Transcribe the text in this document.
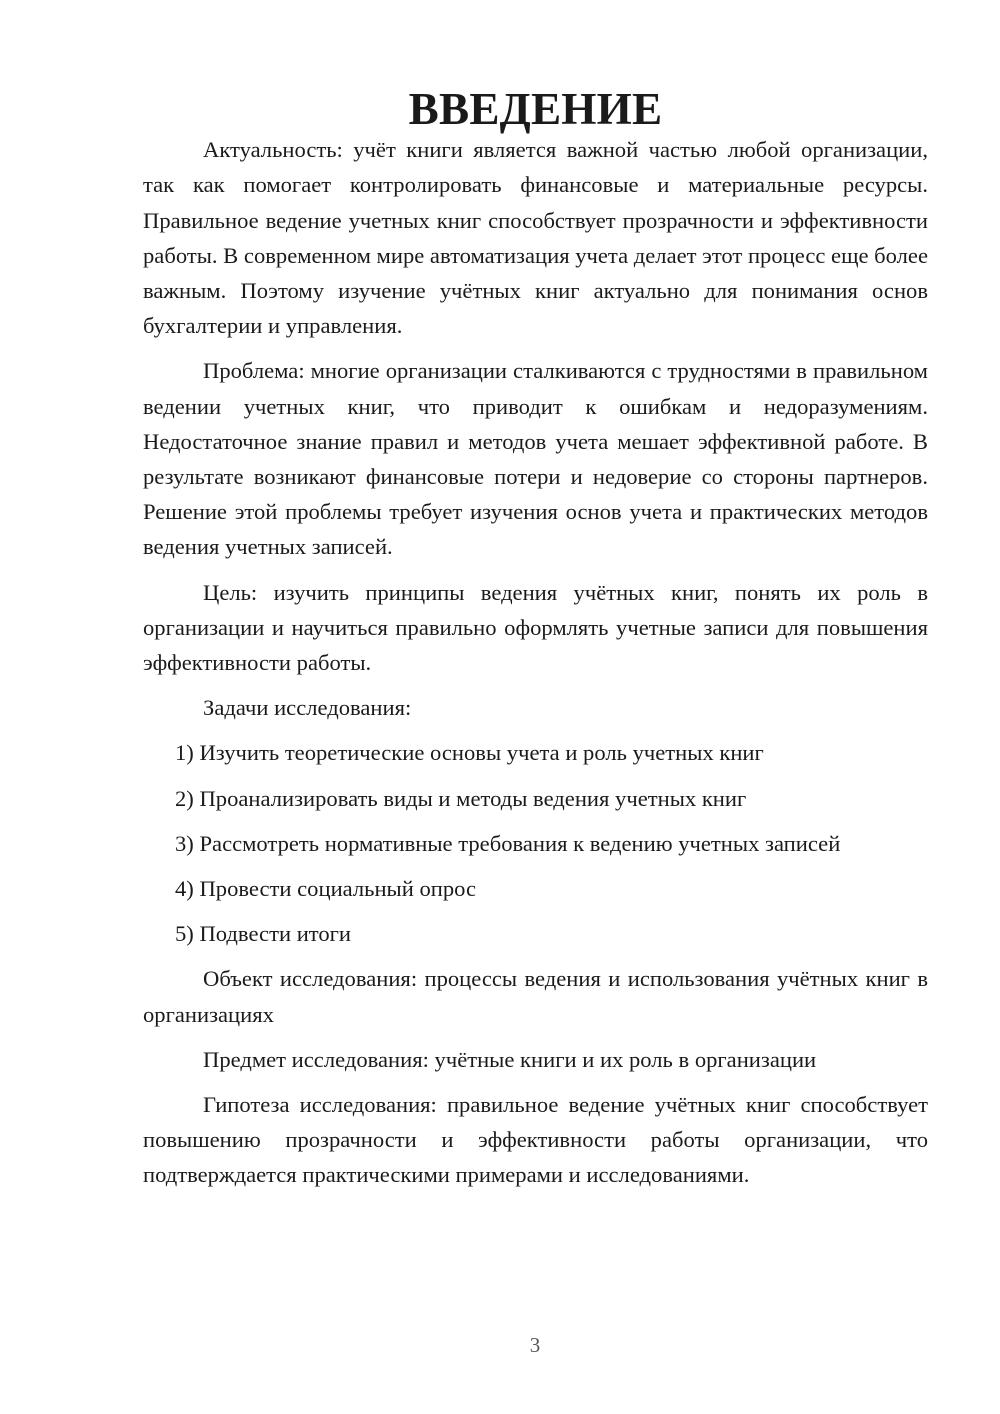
ВВЕДЕНИЕ

Актуальность: учёт книги является важной частью любой организации, так как помогает контролировать финансовые и материальные ресурсы. Правильное ведение учетных книг способствует прозрачности и эффективности работы. В современном мире автоматизация учета делает этот процесс еще более важным. Поэтому изучение учётных книг актуально для понимания основ бухгалтерии и управления.

Проблема: многие организации сталкиваются с трудностями в правильном ведении учетных книг, что приводит к ошибкам и недоразумениям. Недостаточное знание правил и методов учета мешает эффективной работе. В результате возникают финансовые потери и недоверие со стороны партнеров. Решение этой проблемы требует изучения основ учета и практических методов ведения учетных записей.

Цель: изучить принципы ведения учётных книг, понять их роль в организации и научиться правильно оформлять учетные записи для повышения эффективности работы.

Задачи исследования:

1) Изучить теоретические основы учета и роль учетных книг
2) Проанализировать виды и методы ведения учетных книг
3) Рассмотреть нормативные требования к ведению учетных записей
4) Провести социальный опрос
5) Подвести итоги

Объект исследования: процессы ведения и использования учётных книг в организациях

Предмет исследования: учётные книги и их роль в организации

Гипотеза исследования: правильное ведение учётных книг способствует повышению прозрачности и эффективности работы организации, что подтверждается практическими примерами и исследованиями.

3
